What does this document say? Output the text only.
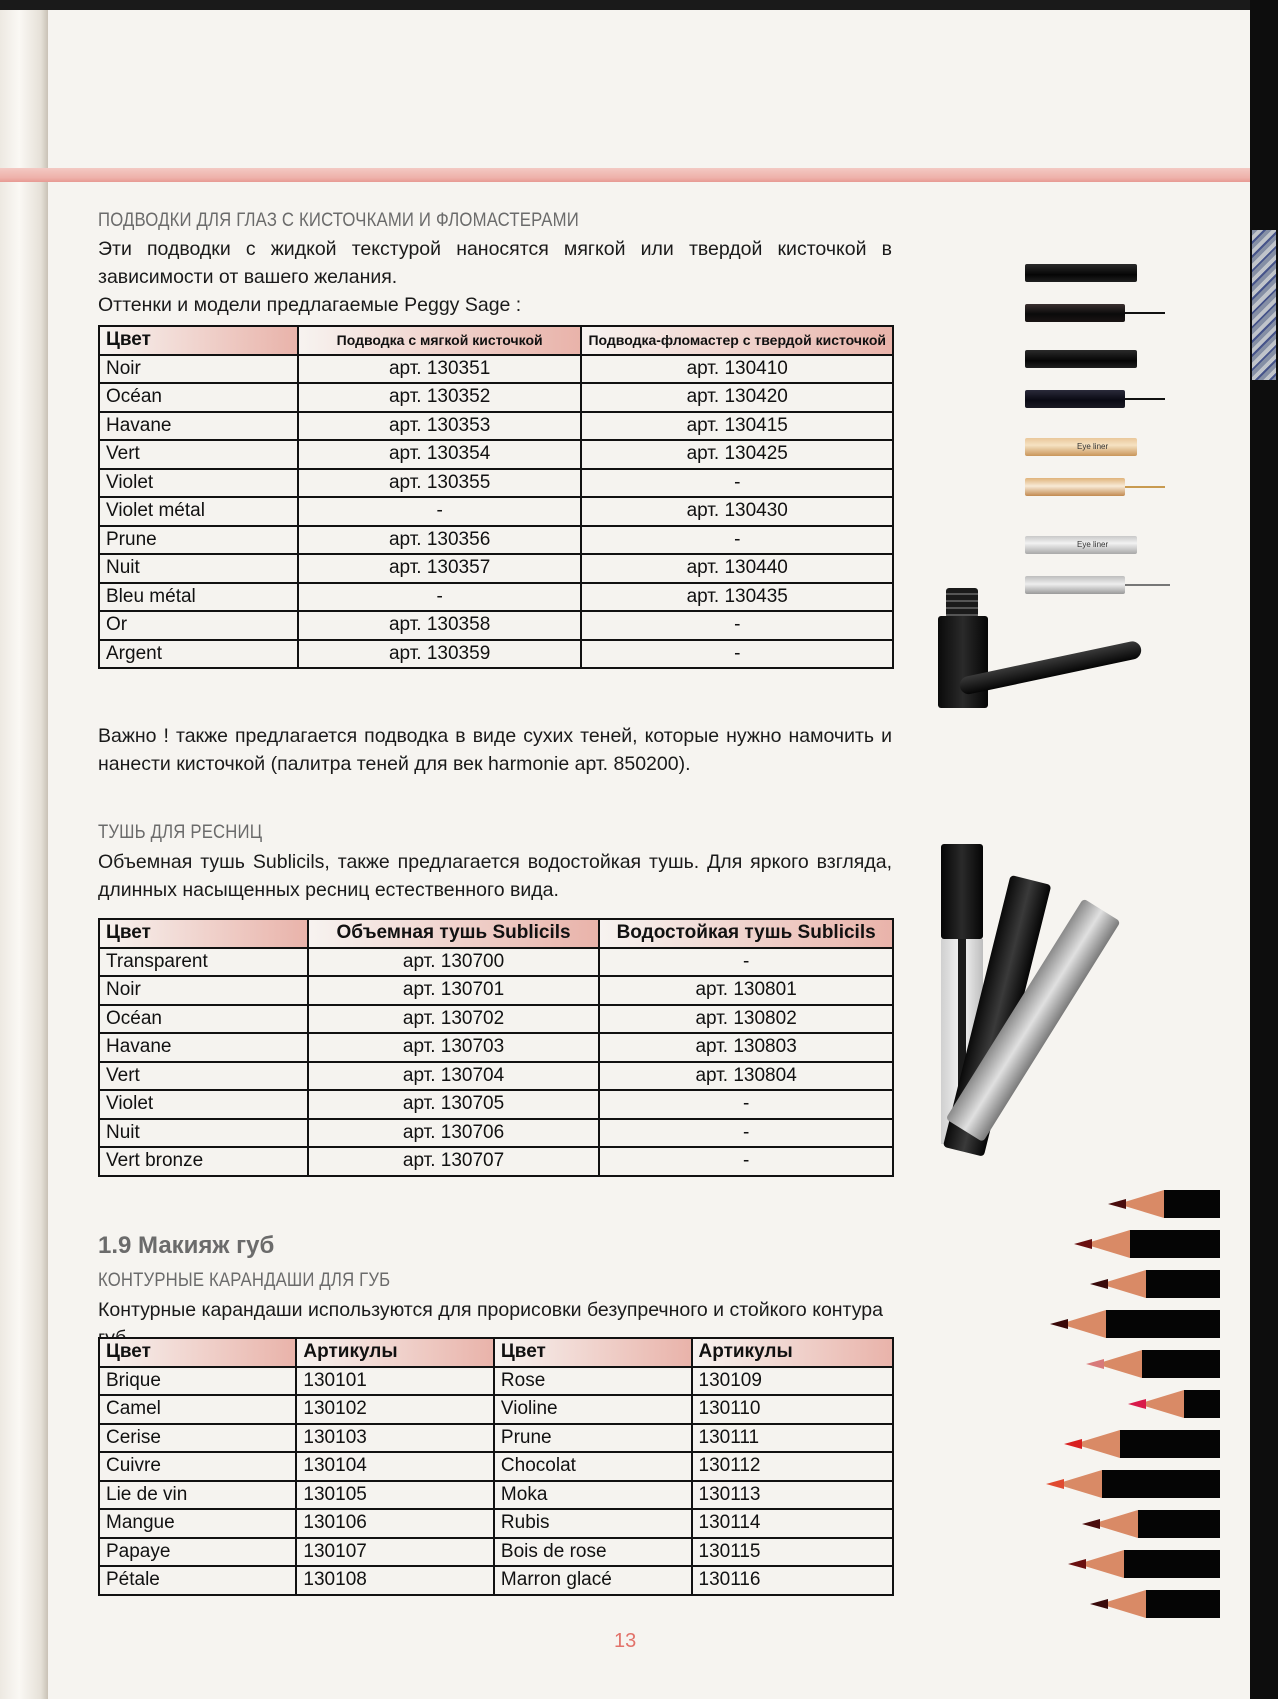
ПОДВОДКИ ДЛЯ ГЛАЗ С КИСТОЧКАМИ И ФЛОМАСТЕРАМИ
Эти подводки с жидкой текстурой наносятся мягкой или твердой кисточкой в зависимости от вашего желания.
Оттенки и модели предлагаемые Peggy Sage :
Цвет	Подводка с мягкой кисточкой	Подводка-фломастер с твердой кисточкой
Noir	арт. 130351	арт. 130410
Océan	арт. 130352	арт. 130420
Havane	арт. 130353	арт. 130415
Vert	арт. 130354	арт. 130425
Violet	арт. 130355	-
Violet métal	-	арт. 130430
Prune	арт. 130356	-
Nuit	арт. 130357	арт. 130440
Bleu métal	-	арт. 130435
Or	арт. 130358	-
Argent	арт. 130359	-
Важно ! также предлагается подводка в виде сухих теней, которые нужно намочить и нанести кисточкой (палитра теней для век harmonie арт. 850200).
ТУШЬ ДЛЯ РЕСНИЦ
Объемная тушь Sublicils, также предлагается водостойкая тушь. Для яркого взгляда, длинных насыщенных ресниц естественного вида.
Цвет	Объемная тушь Sublicils	Водостойкая тушь Sublicils
Transparent	арт. 130700	-
Noir	арт. 130701	арт. 130801
Océan	арт. 130702	арт. 130802
Havane	арт. 130703	арт. 130803
Vert	арт. 130704	арт. 130804
Violet	арт. 130705	-
Nuit	арт. 130706	-
Vert bronze	арт. 130707	-
1.9 Макияж губ
КОНТУРНЫЕ КАРАНДАШИ ДЛЯ ГУБ
Контурные карандаши используются для прорисовки безупречного и стойкого контура
Цвет	Артикулы	Цвет	Артикулы
Brique	130101	Rose	130109
Camel	130102	Violine	130110
Cerise	130103	Prune	130111
Cuivre	130104	Chocolat	130112
Lie de vin	130105	Moka	130113
Mangue	130106	Rubis	130114
Papaye	130107	Bois de rose	130115
Pétale	130108	Marron glacé	130116
13
Eye liner
Eye liner
